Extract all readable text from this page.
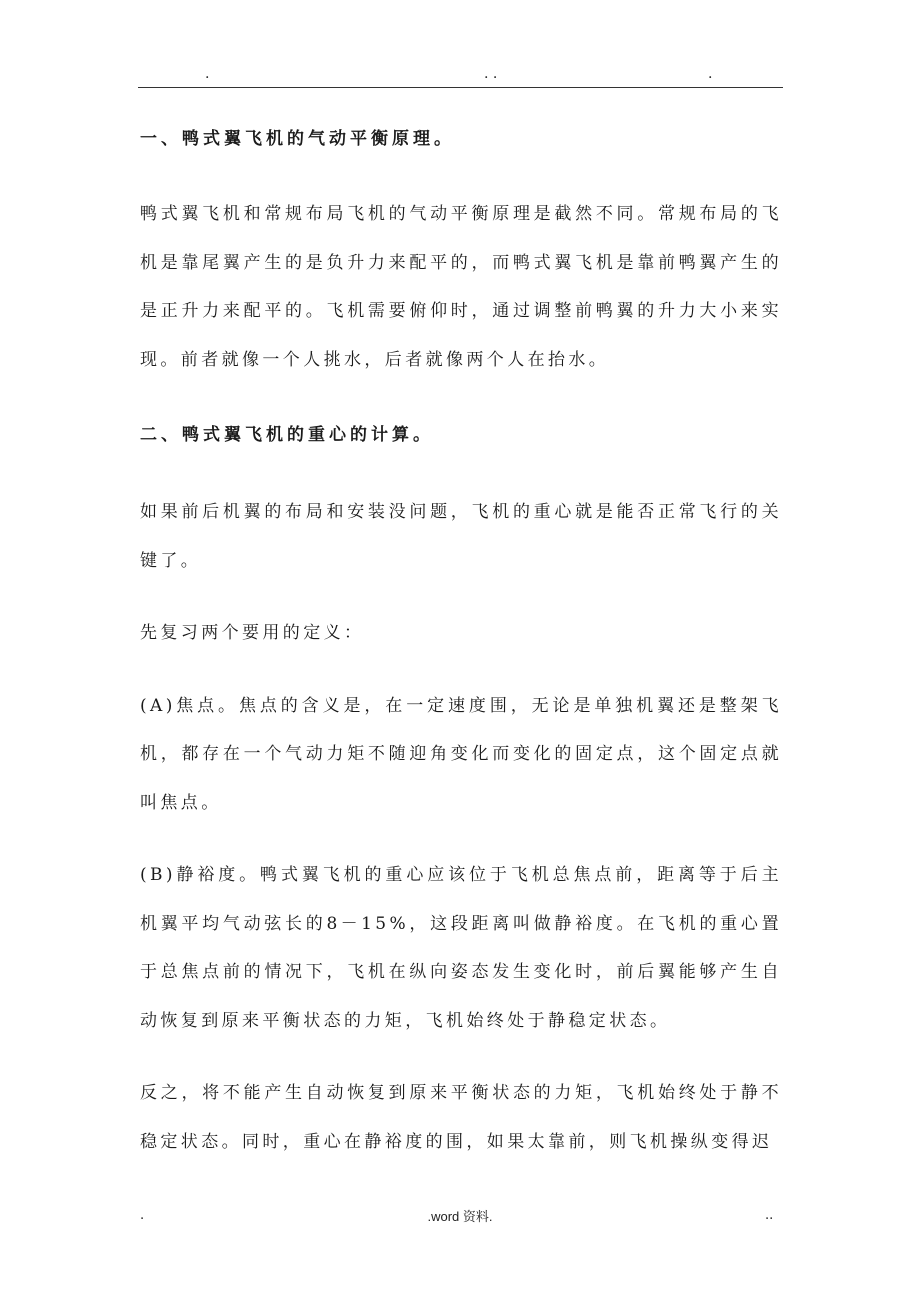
.	. .	.
一、鸭式翼飞机的气动平衡原理。

鸭式翼飞机和常规布局飞机的气动平衡原理是截然不同。常规布局的飞机是靠尾翼产生的是负升力来配平的，而鸭式翼飞机是靠前鸭翼产生的是正升力来配平的。飞机需要俯仰时，通过调整前鸭翼的升力大小来实现。前者就像一个人挑水，后者就像两个人在抬水。

二、鸭式翼飞机的重心的计算。

如果前后机翼的布局和安装没问题，飞机的重心就是能否正常飞行的关键了。

先复习两个要用的定义：

(A)焦点。焦点的含义是，在一定速度围，无论是单独机翼还是整架飞机，都存在一个气动力矩不随迎角变化而变化的固定点，这个固定点就叫焦点。

(B)静裕度。鸭式翼飞机的重心应该位于飞机总焦点前，距离等于后主机翼平均气动弦长的8－15%，这段距离叫做静裕度。在飞机的重心置于总焦点前的情况下，飞机在纵向姿态发生变化时，前后翼能够产生自动恢复到原来平衡状态的力矩，飞机始终处于静稳定状态。

反之，将不能产生自动恢复到原来平衡状态的力矩，飞机始终处于静不稳定状态。同时，重心在静裕度的围，如果太靠前，则飞机操纵变得迟

.	.word 资料.	..
